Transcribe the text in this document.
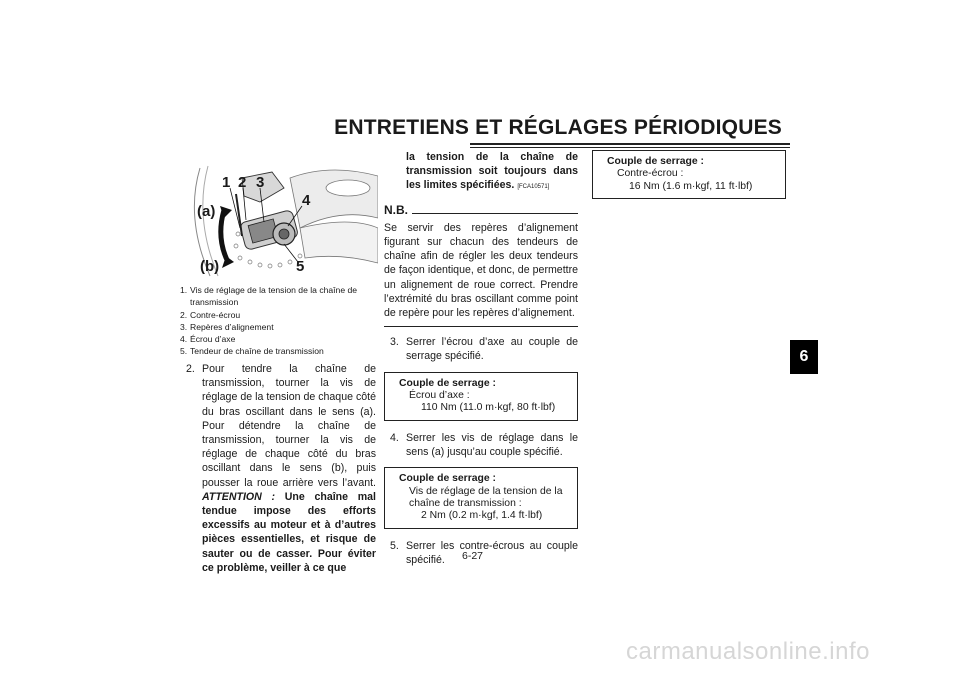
ENTRETIENS ET RÉGLAGES PÉRIODIQUES
1 2 3
4
5
(a)
(b)
1. Vis de réglage de la tension de la chaîne de transmission
2. Contre-écrou
3. Repères d’alignement
4. Écrou d’axe
5. Tendeur de chaîne de transmission

2. Pour tendre la chaîne de transmission, tourner la vis de réglage de la tension de chaque côté du bras oscillant dans le sens (a). Pour détendre la chaîne de transmission, tourner la vis de réglage de chaque côté du bras oscillant dans le sens (b), puis pousser la roue arrière vers l’avant. ATTENTION : Une chaîne mal tendue impose des efforts excessifs au moteur et à d’autres pièces essentielles, et risque de sauter ou de casser. Pour éviter ce problème, veiller à ce que

la tension de la chaîne de transmission soit toujours dans les limites spécifiées. [FCA10571]

N.B.

Se servir des repères d’alignement figurant sur chacun des tendeurs de chaîne afin de régler les deux tendeurs de façon identique, et donc, de permettre un alignement de roue correct. Prendre l’extrémité du bras oscillant comme point de repère pour les repères d’alignement.

3. Serrer l’écrou d’axe au couple de serrage spécifié.

Couple de serrage :
Écrou d’axe :
110 Nm (11.0 m·kgf, 80 ft·lbf)

4. Serrer les vis de réglage dans le sens (a) jusqu’au couple spécifié.

Couple de serrage :
Vis de réglage de la tension de la
chaîne de transmission :
2 Nm (0.2 m·kgf, 1.4 ft·lbf)

5. Serrer les contre-écrous au couple spécifié.

Couple de serrage :
Contre-écrou :
16 Nm (1.6 m·kgf, 11 ft·lbf)
6
6-27
carmanualsonline.info
